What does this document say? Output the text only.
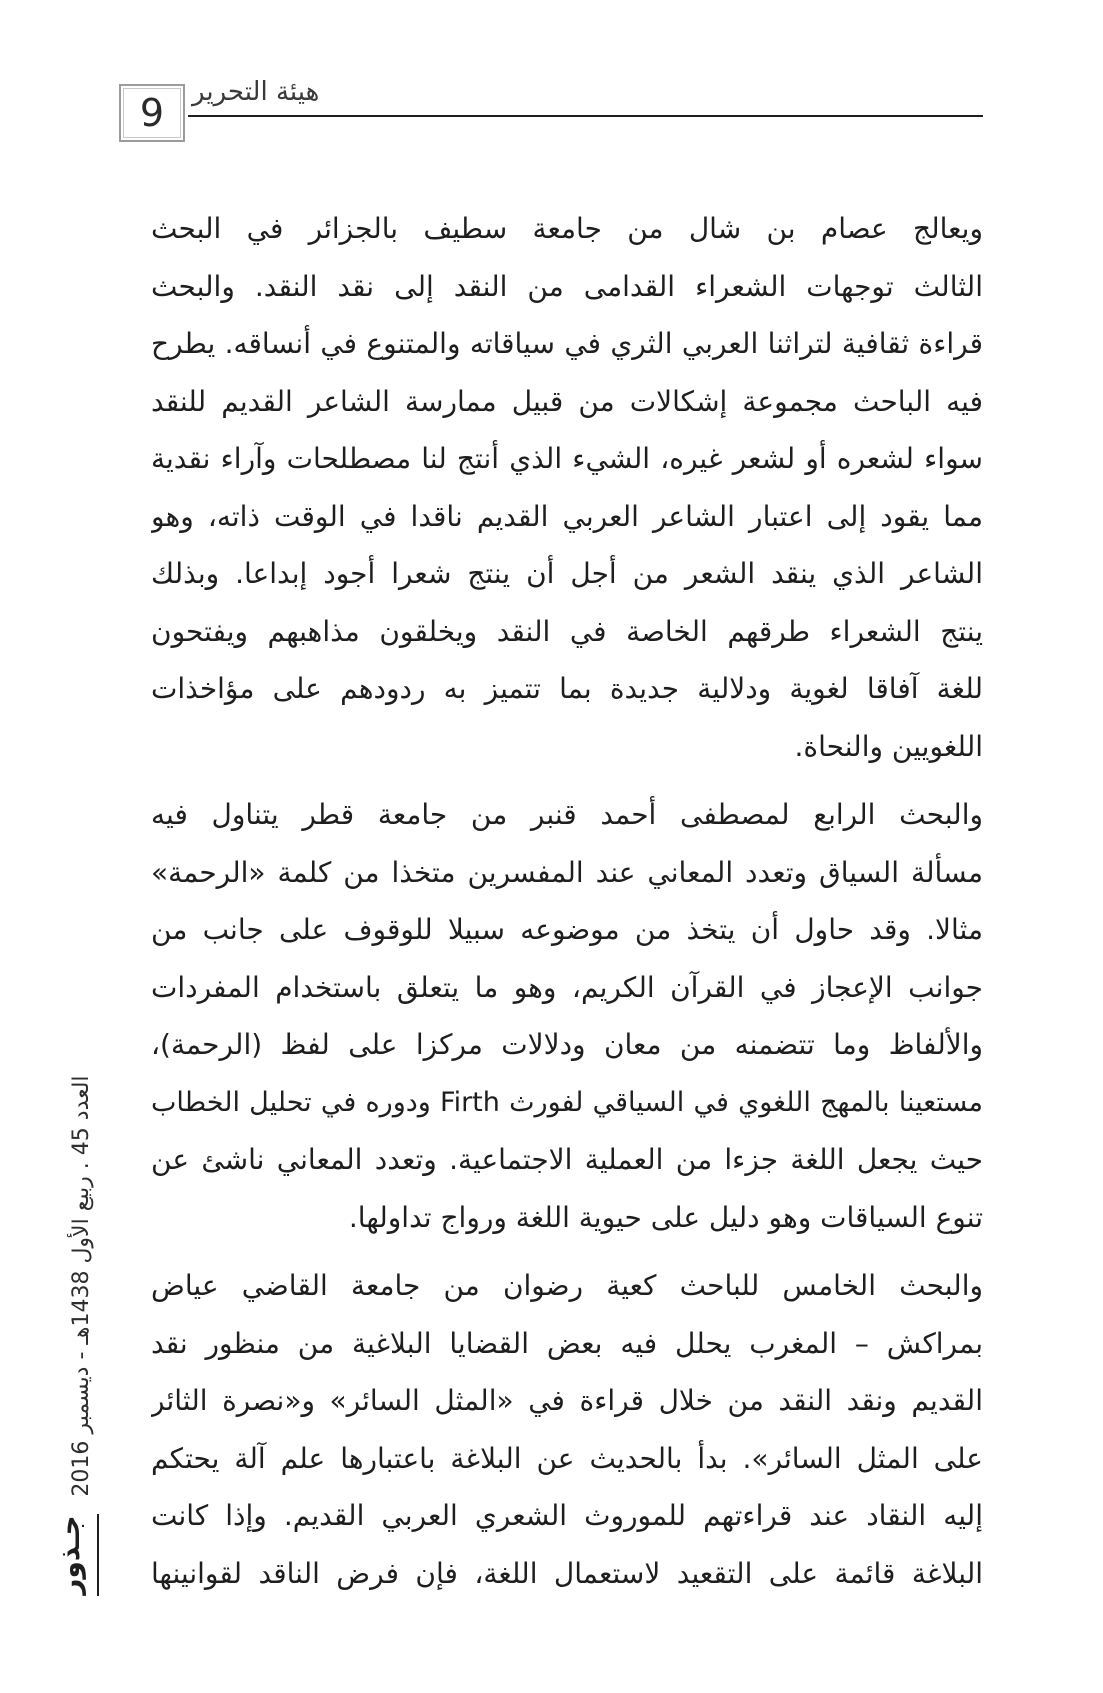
9 هيئة التحرير
ويعالج عصام بن شال من جامعة سطيف بالجزائر في البحث
الثالث توجهات الشعراء القدامى من النقد إلى نقد النقد. والبحث
قراءة ثقافية لتراثنا العربي الثري في سياقاته والمتنوع في أنساقه. يطرح
فيه الباحث مجموعة إشكالات من قبيل ممارسة الشاعر القديم للنقد
سواء لشعره أو لشعر غيره، الشيء الذي أنتج لنا مصطلحات وآراء نقدية
مما يقود إلى اعتبار الشاعر العربي القديم ناقدا في الوقت ذاته، وهو
الشاعر الذي ينقد الشعر من أجل أن ينتج شعرا أجود إبداعا. وبذلك
ينتج الشعراء طرقهم الخاصة في النقد ويخلقون مذاهبهم ويفتحون
للغة آفاقا لغوية ودلالية جديدة بما تتميز به ردودهم على مؤاخذات
اللغويين والنحاة.
والبحث الرابع لمصطفى أحمد قنبر من جامعة قطر يتناول فيه
مسألة السياق وتعدد المعاني عند المفسرين متخذا من كلمة «الرحمة»
مثالا. وقد حاول أن يتخذ من موضوعه سبيلا للوقوف على جانب من
جوانب الإعجاز في القرآن الكريم، وهو ما يتعلق باستخدام المفردات
والألفاظ وما تتضمنه من معان ودلالات مركزا على لفظ (الرحمة)،
مستعينا بالمهج اللغوي في السياقي لفورث Firth ودوره في تحليل الخطاب
حيث يجعل اللغة جزءا من العملية الاجتماعية. وتعدد المعاني ناشئ عن
تنوع السياقات وهو دليل على حيوية اللغة ورواج تداولها.
والبحث الخامس للباحث كعية رضوان من جامعة القاضي عياض
بمراكش – المغرب يحلل فيه بعض القضايا البلاغية من منظور نقد
القديم ونقد النقد من خلال قراءة في «المثل السائر» و«نصرة الثائر
على المثل السائر». بدأ بالحديث عن البلاغة باعتبارها علم آلة يحتكم
إليه النقاد عند قراءتهم للموروث الشعري العربي القديم. وإذا كانت
البلاغة قائمة على التقعيد لاستعمال اللغة، فإن فرض الناقد لقوانينها
العدد 45 . ربيع الأول 1438هـ - ديسمبر 2016
جـذور
